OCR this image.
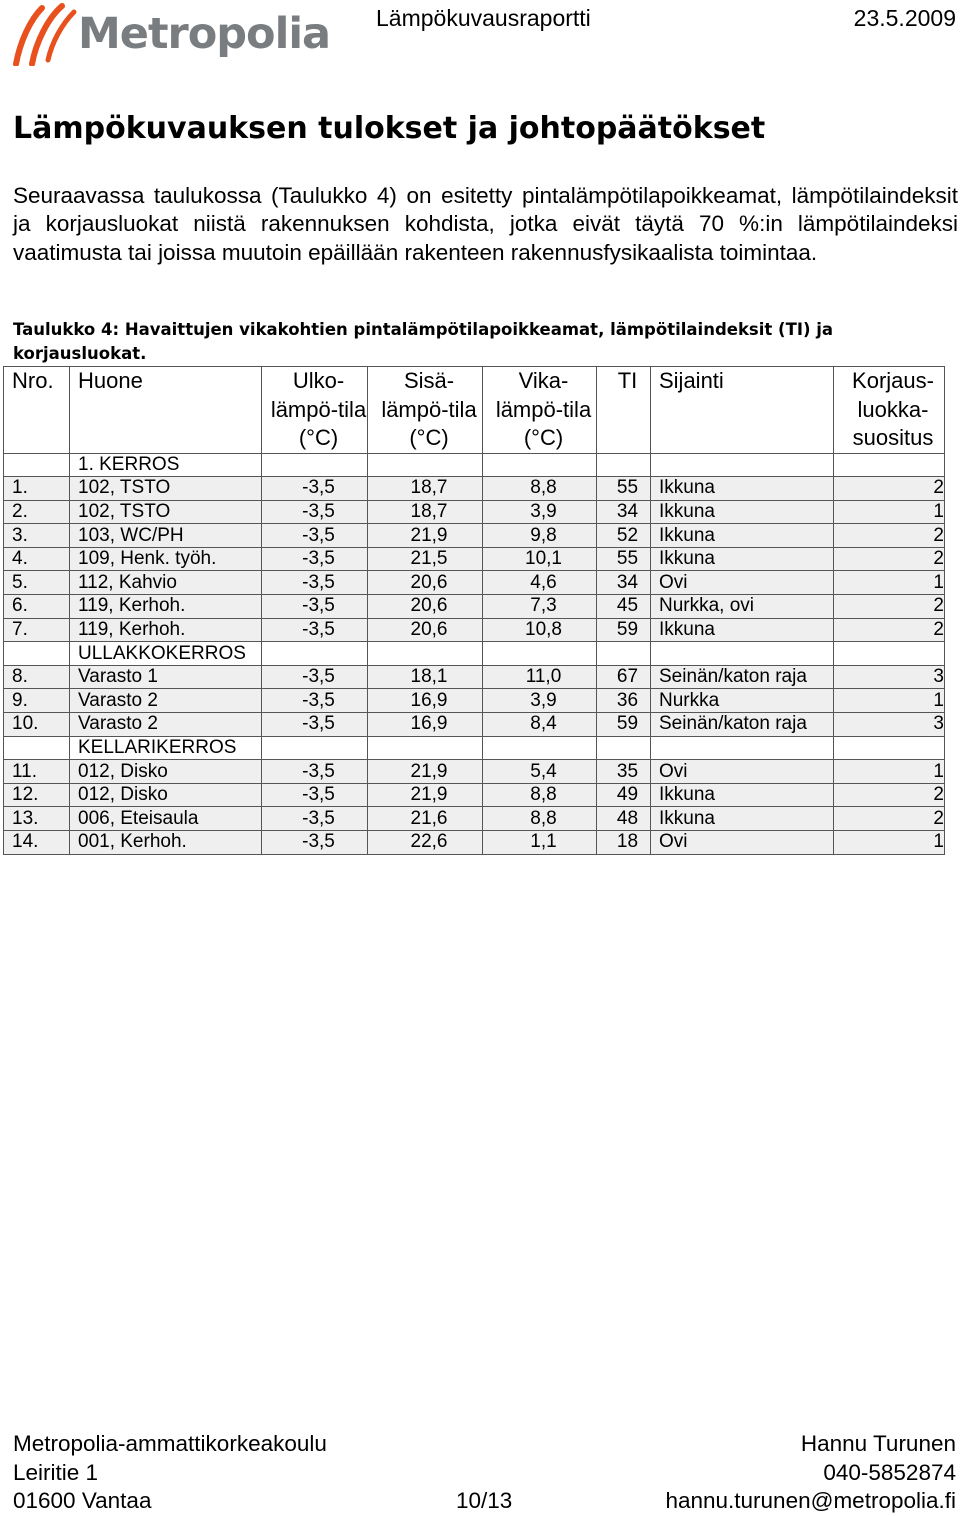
Metropolia Lämpökuvausraportti	23.5.2009
Lämpökuvauksen tulokset ja johtopäätökset

Seuraavassa taulukossa (Taulukko 4) on esitetty pintalämpötilapoikkeamat, lämpötilaindeksit ja korjausluokat niistä rakennuksen kohdista, jotka eivät täytä 70 %:in lämpötilaindeksi vaatimusta tai joissa muutoin epäillään rakenteen rakennusfysikaalista toimintaa.

Taulukko 4: Havaittujen vikakohtien pintalämpötilapoikkeamat, lämpötilaindeksit (TI) ja korjausluokat.

Nro.	Huone	Ulko-lämpö-tila (°C)	Sisä-lämpö-tila (°C)	Vika-lämpö-tila (°C)	TI	Sijainti	Korjaus-luokka-suositus
	1. KERROS						
1.	102, TSTO	-3,5	18,7	8,8	55	Ikkuna	2
2.	102, TSTO	-3,5	18,7	3,9	34	Ikkuna	1
3.	103, WC/PH	-3,5	21,9	9,8	52	Ikkuna	2
4.	109, Henk. työh.	-3,5	21,5	10,1	55	Ikkuna	2
5.	112, Kahvio	-3,5	20,6	4,6	34	Ovi	1
6.	119, Kerhoh.	-3,5	20,6	7,3	45	Nurkka, ovi	2
7.	119, Kerhoh.	-3,5	20,6	10,8	59	Ikkuna	2
	ULLAKKOKERROS						
8.	Varasto 1	-3,5	18,1	11,0	67	Seinän/katon raja	3
9.	Varasto 2	-3,5	16,9	3,9	36	Nurkka	1
10.	Varasto 2	-3,5	16,9	8,4	59	Seinän/katon raja	3
	KELLARIKERROS						
11.	012, Disko	-3,5	21,9	5,4	35	Ovi	1
12.	012, Disko	-3,5	21,9	8,8	49	Ikkuna	2
13.	006, Eteisaula	-3,5	21,6	8,8	48	Ikkuna	2
14.	001, Kerhoh.	-3,5	22,6	1,1	18	Ovi	1
Metropolia-ammattikorkeakoulu
Leiritie 1
01600 Vantaa	10/13
Hannu Turunen
040-5852874
hannu.turunen@metropolia.fi
